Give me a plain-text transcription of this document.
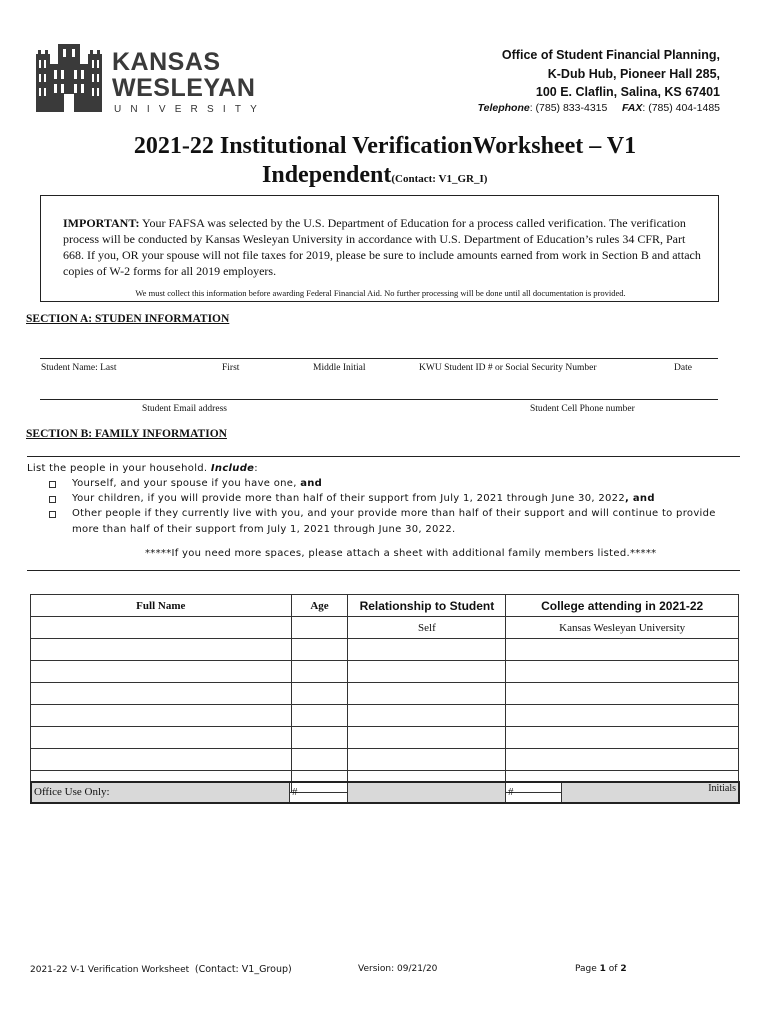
KANSAS
WESLEYAN
UNIVERSITY
Office of Student Financial Planning,
K-Dub Hub, Pioneer Hall 285,
100 E. Claflin, Salina, KS 67401
Telephone: (785) 833-4315 FAX: (785) 404-1485
2021-22 Institutional VerificationWorksheet – V1
Independent(Contact: V1_GR_I)
IMPORTANT: Your FAFSA was selected by the U.S. Department of Education for a process called verification. The verification process will be conducted by Kansas Wesleyan University in accordance with U.S. Department of Education’s rules 34 CFR, Part 668. If you, OR your spouse will not file taxes for 2019, please be sure to include amounts earned from work in Section B and attach copies of W-2 forms for all 2019 employers.
We must collect this information before awarding Federal Financial Aid. No further processing will be done until all documentation is provided.
SECTION A: STUDEN INFORMATION
Student Name: Last	First	Middle Initial	KWU Student ID # or Social Security Number	Date
Student Email address	Student Cell Phone number
SECTION B: FAMILY INFORMATION
List the people in your household. Include:
Yourself, and your spouse if you have one, and
Your children, if you will provide more than half of their support from July 1, 2021 through June 30, 2022, and
Other people if they currently live with you, and your provide more than half of their support and will continue to provide
more than half of their support from July 1, 2021 through June 30, 2022.
*****If you need more spaces, please attach a sheet with additional family members listed.*****
Full Name	Age	Relationship to Student	College attending in 2021-22
		Self	Kansas Wesleyan University

Office Use Only:	#	#	Initials
2021-22 V-1 Verification Worksheet (Contact: V1_Group)	Version: 09/21/20	Page 1 of 2
